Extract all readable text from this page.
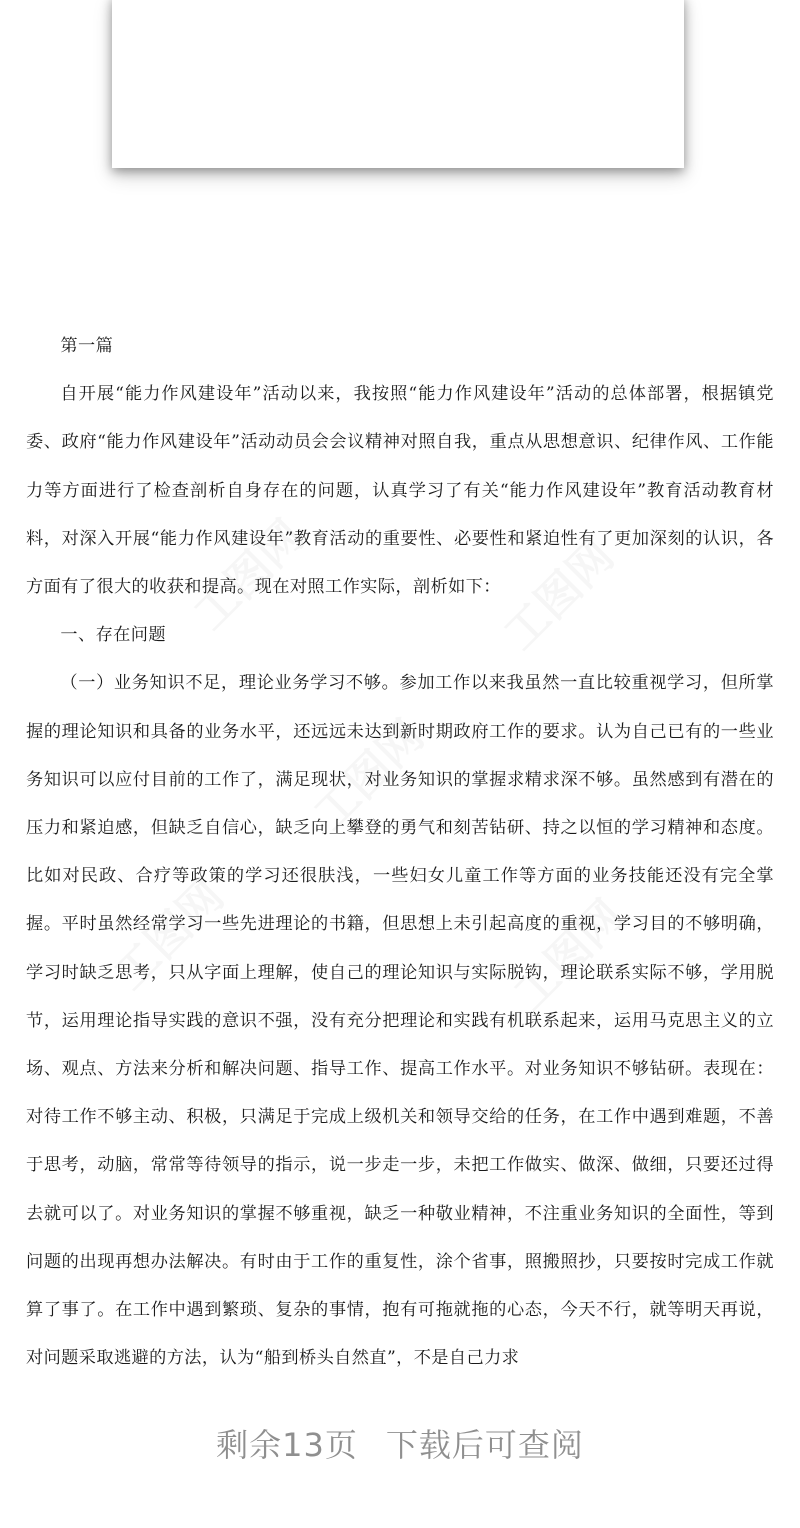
第一篇

自开展“能力作风建设年”活动以来，我按照“能力作风建设年”活动的总体部署，根据镇党委、政府“能力作风建设年”活动动员会会议精神对照自我，重点从思想意识、纪律作风、工作能力等方面进行了检查剖析自身存在的问题，认真学习了有关“能力作风建设年”教育活动教育材料，对深入开展“能力作风建设年”教育活动的重要性、必要性和紧迫性有了更加深刻的认识，各方面有了很大的收获和提高。现在对照工作实际，剖析如下：

一、存在问题

（一）业务知识不足，理论业务学习不够。参加工作以来我虽然一直比较重视学习，但所掌握的理论知识和具备的业务水平，还远远未达到新时期政府工作的要求。认为自己已有的一些业务知识可以应付目前的工作了，满足现状，对业务知识的掌握求精求深不够。虽然感到有潜在的压力和紧迫感，但缺乏自信心，缺乏向上攀登的勇气和刻苦钻研、持之以恒的学习精神和态度。比如对民政、合疗等政策的学习还很肤浅，一些妇女儿童工作等方面的业务技能还没有完全掌握。平时虽然经常学习一些先进理论的书籍，但思想上未引起高度的重视，学习目的不够明确，学习时缺乏思考，只从字面上理解，使自己的理论知识与实际脱钩，理论联系实际不够，学用脱节，运用理论指导实践的意识不强，没有充分把理论和实践有机联系起来，运用马克思主义的立场、观点、方法来分析和解决问题、指导工作、提高工作水平。对业务知识不够钻研。表现在：对待工作不够主动、积极，只满足于完成上级机关和领导交给的任务，在工作中遇到难题，不善于思考，动脑，常常等待领导的指示，说一步走一步，未把工作做实、做深、做细，只要还过得去就可以了。对业务知识的掌握不够重视，缺乏一种敬业精神，不注重业务知识的全面性，等到问题的出现再想办法解决。有时由于工作的重复性，涂个省事，照搬照抄，只要按时完成工作就算了事了。在工作中遇到繁琐、复杂的事情，抱有可拖就拖的心态，今天不行，就等明天再说，对问题采取逃避的方法，认为“船到桥头自然直”，不是自己力求

剩余13页 下载后可查阅
